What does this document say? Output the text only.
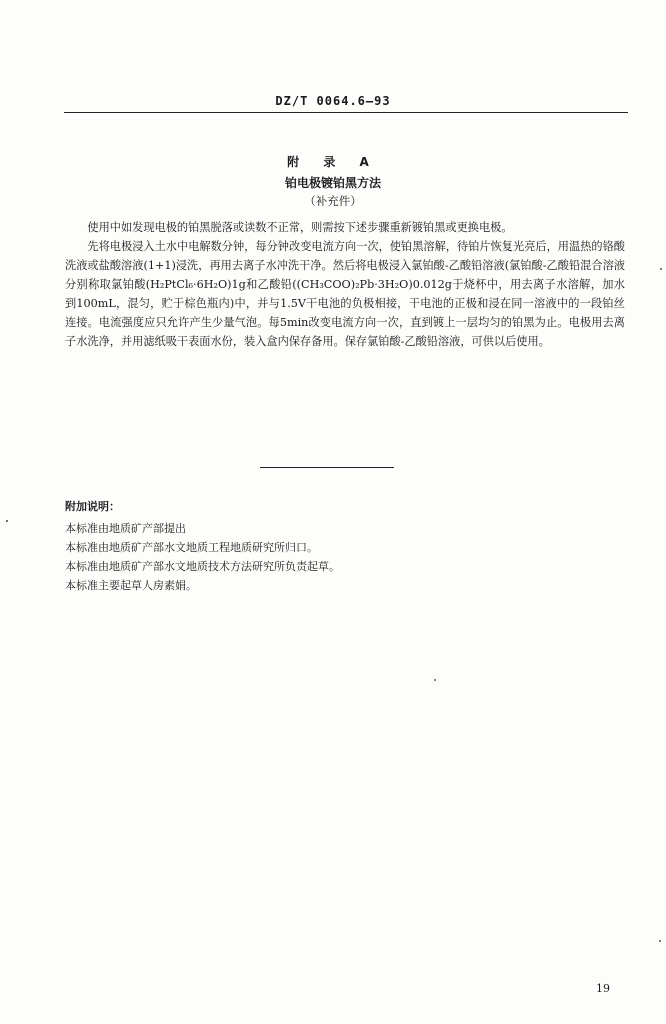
DZ/T 0064.6—93
附 录 A
铂电极镀铂黑方法
（补充件）

使用中如发现电极的铂黑脱落或读数不正常，则需按下述步骤重新镀铂黑或更换电极。

先将电极浸入土水中电解数分钟，每分钟改变电流方向一次，使铂黑溶解，待铂片恢复光亮后，用温热的铬酸洗液或盐酸溶液(1+1)浸洗，再用去离子水冲洗干净。然后将电极浸入氯铂酸-乙酸铅溶液(氯铂酸-乙酸铅混合溶液 分别称取氯铂酸(H₂PtCl₆·6H₂O)1g和乙酸铅((CH₃COO)₂Pb·3H₂O)0.012g于烧杯中，用去离子水溶解，加水到100mL，混匀，贮于棕色瓶内)中，并与1.5V干电池的负极相接，干电池的正极和浸在同一溶液中的一段铂丝连接。电流强度应只允许产生少量气泡。每5min改变电流方向一次，直到镀上一层均匀的铂黑为止。电极用去离子水洗净，并用滤纸吸干表面水份，装入盒内保存备用。保存氯铂酸-乙酸铅溶液，可供以后使用。

附加说明：

本标准由地质矿产部提出

本标准由地质矿产部水文地质工程地质研究所归口。

本标准由地质矿产部水文地质技术方法研究所负责起草。

本标准主要起草人房素娟。

19
